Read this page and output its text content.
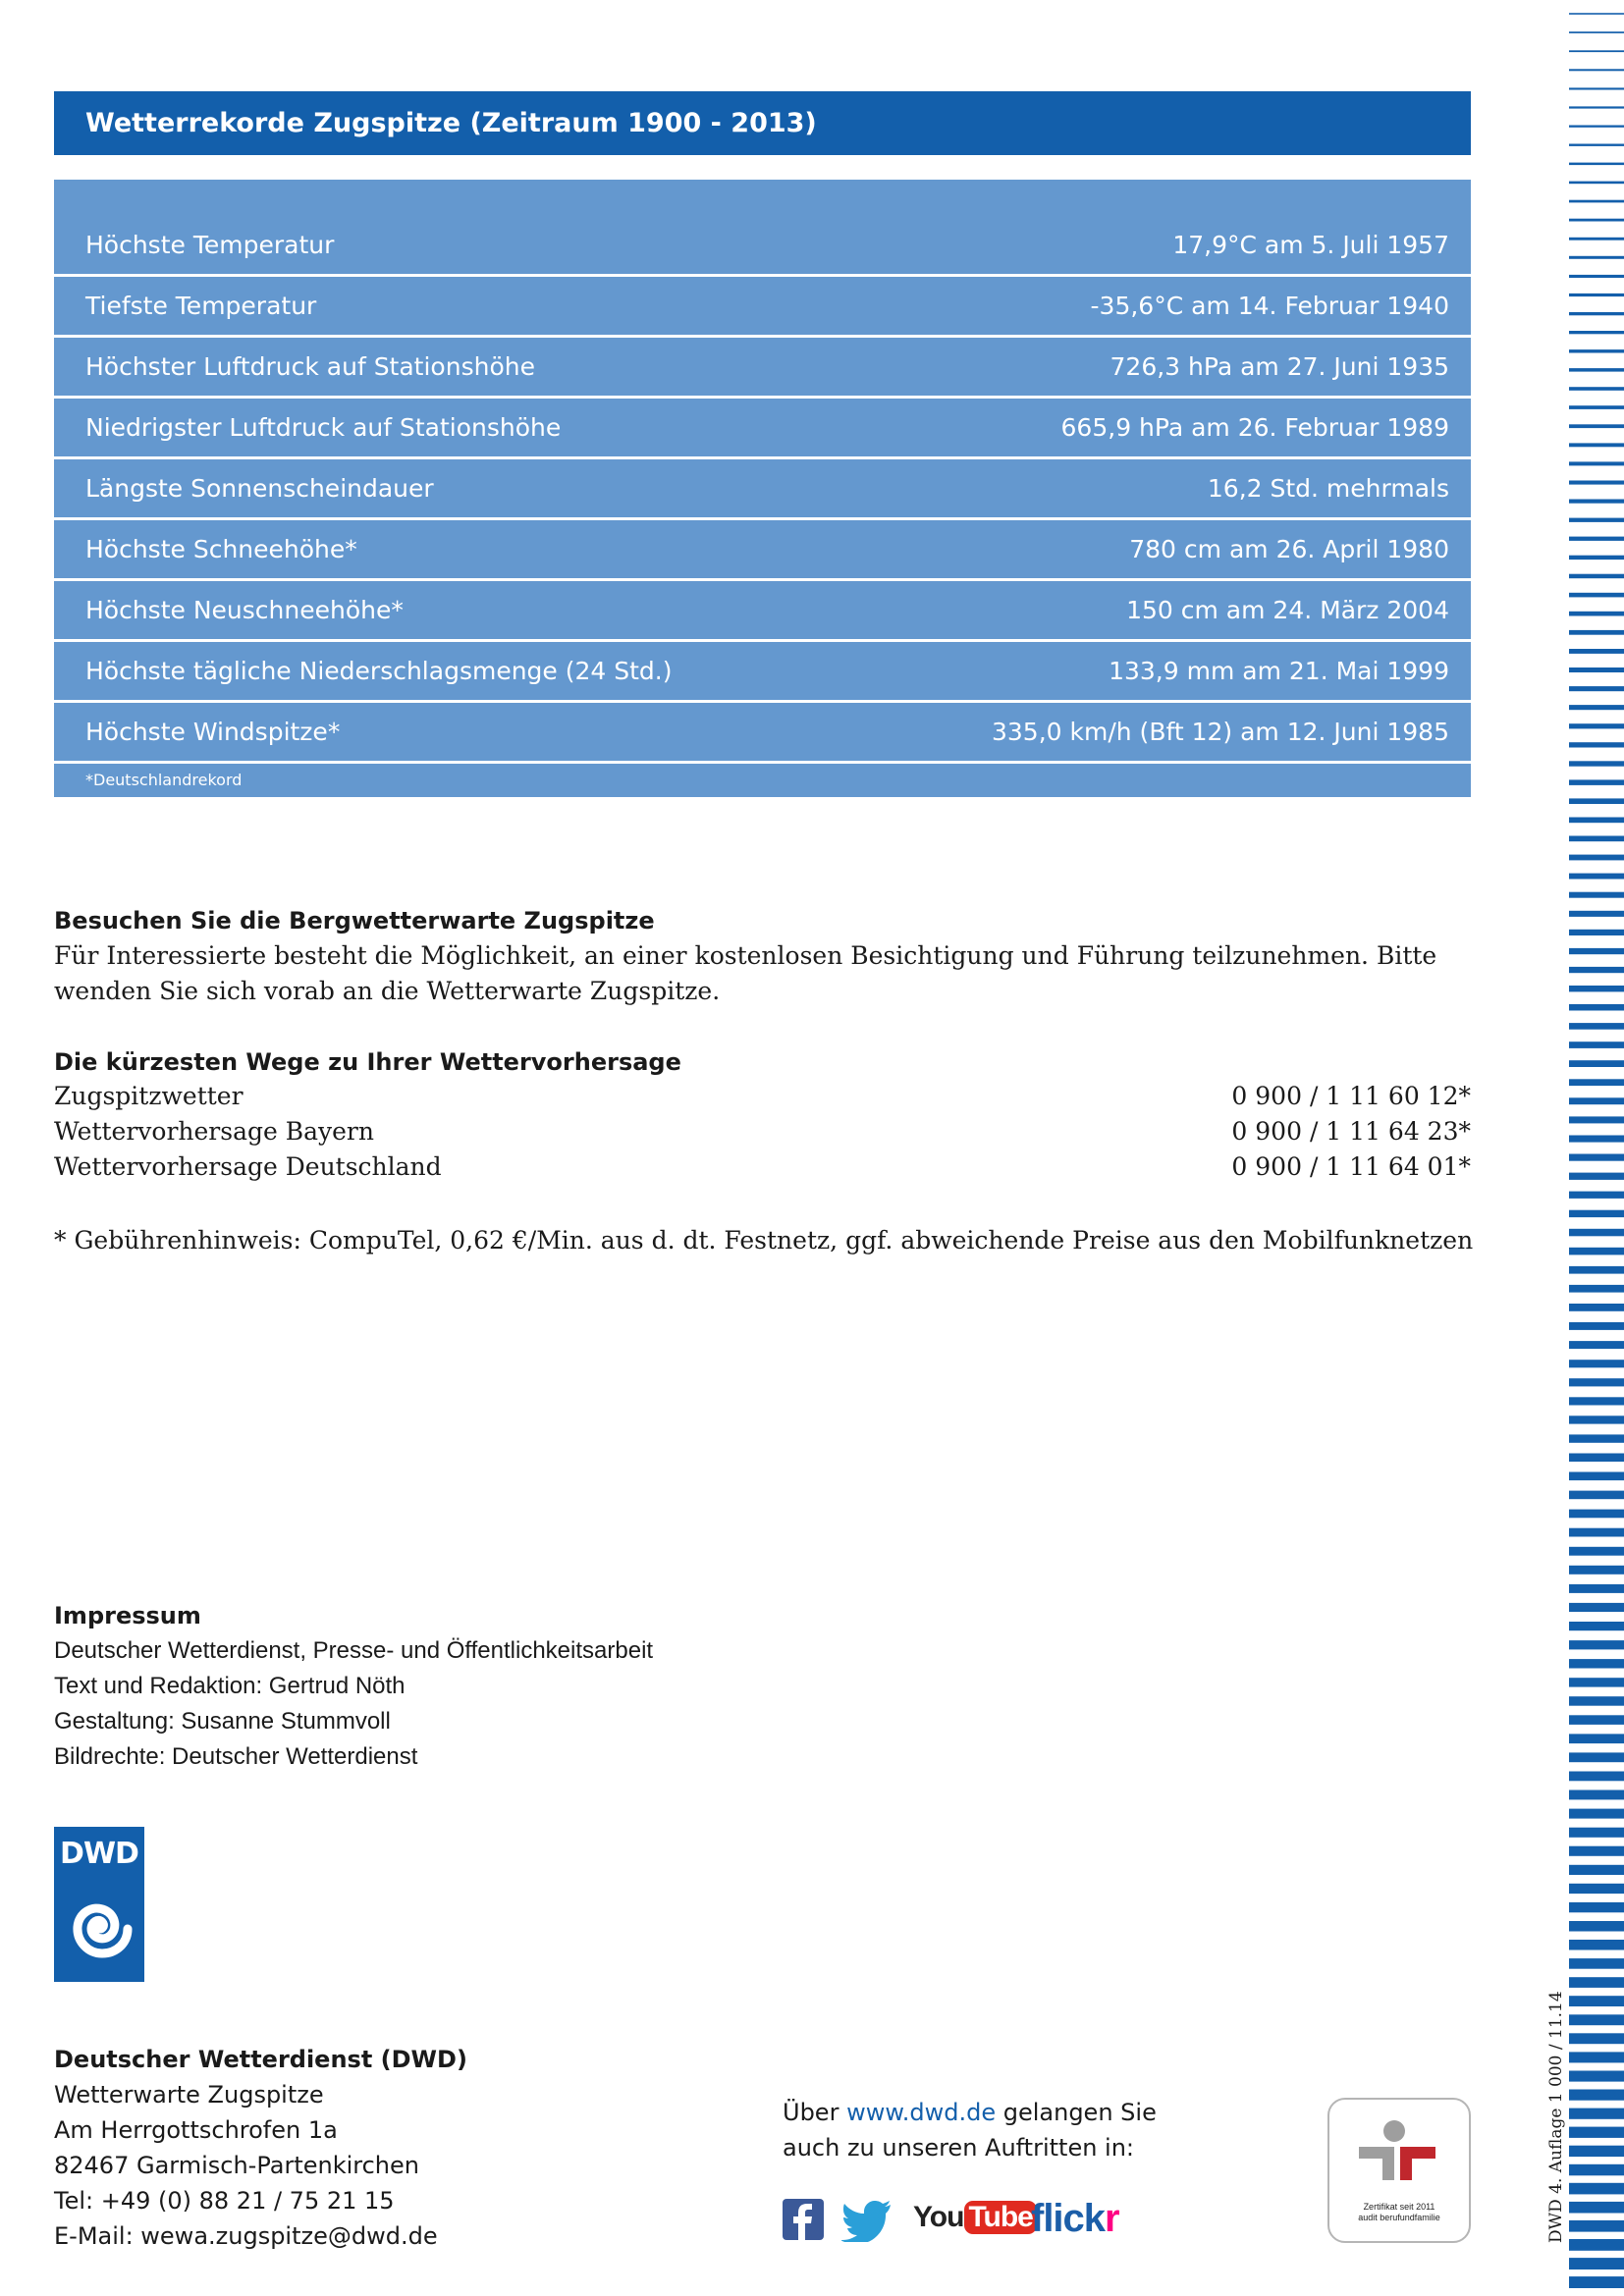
Wetterrekorde Zugspitze (Zeitraum 1900 - 2013)
Höchste Temperatur	17,9°C am 5. Juli 1957
Tiefste Temperatur	-35,6°C am 14. Februar 1940
Höchster Luftdruck auf Stationshöhe	726,3 hPa am 27. Juni 1935
Niedrigster Luftdruck auf Stationshöhe	665,9 hPa am 26. Februar 1989
Längste Sonnenscheindauer	16,2 Std. mehrmals
Höchste Schneehöhe*	780 cm am 26. April 1980
Höchste Neuschneehöhe*	150 cm am 24. März 2004
Höchste tägliche Niederschlagsmenge (24 Std.)	133,9 mm am 21. Mai 1999
Höchste Windspitze*	335,0 km/h (Bft 12) am 12. Juni 1985
*Deutschlandrekord
Besuchen Sie die Bergwetterwarte Zugspitze
Für Interessierte besteht die Möglichkeit, an einer kostenlosen Besichtigung und Führung teilzunehmen. Bitte
wenden Sie sich vorab an die Wetterwarte Zugspitze.
Die kürzesten Wege zu Ihrer Wettervorhersage
Zugspitzwetter	0 900 / 1 11 60 12*
Wettervorhersage Bayern	0 900 / 1 11 64 23*
Wettervorhersage Deutschland	0 900 / 1 11 64 01*
* Gebührenhinweis: CompuTel, 0,62 €/Min. aus d. dt. Festnetz, ggf. abweichende Preise aus den Mobilfunknetzen
Impressum
Deutscher Wetterdienst, Presse- und Öffentlichkeitsarbeit
Text und Redaktion: Gertrud Nöth
Gestaltung: Susanne Stummvoll
Bildrechte: Deutscher Wetterdienst
DWD
Deutscher Wetterdienst (DWD)
Wetterwarte Zugspitze
Am Herrgottschrofen 1a
82467 Garmisch-Partenkirchen
Tel: +49 (0) 88 21 / 75 21 15
E-Mail: wewa.zugspitze@dwd.de
Über www.dwd.de gelangen Sie
auch zu unseren Auftritten in:
You Tube
flickr	Zertifikat seit 2011
audit berufundfamilie	DWD 4. Auflage 1 000 / 11.14
